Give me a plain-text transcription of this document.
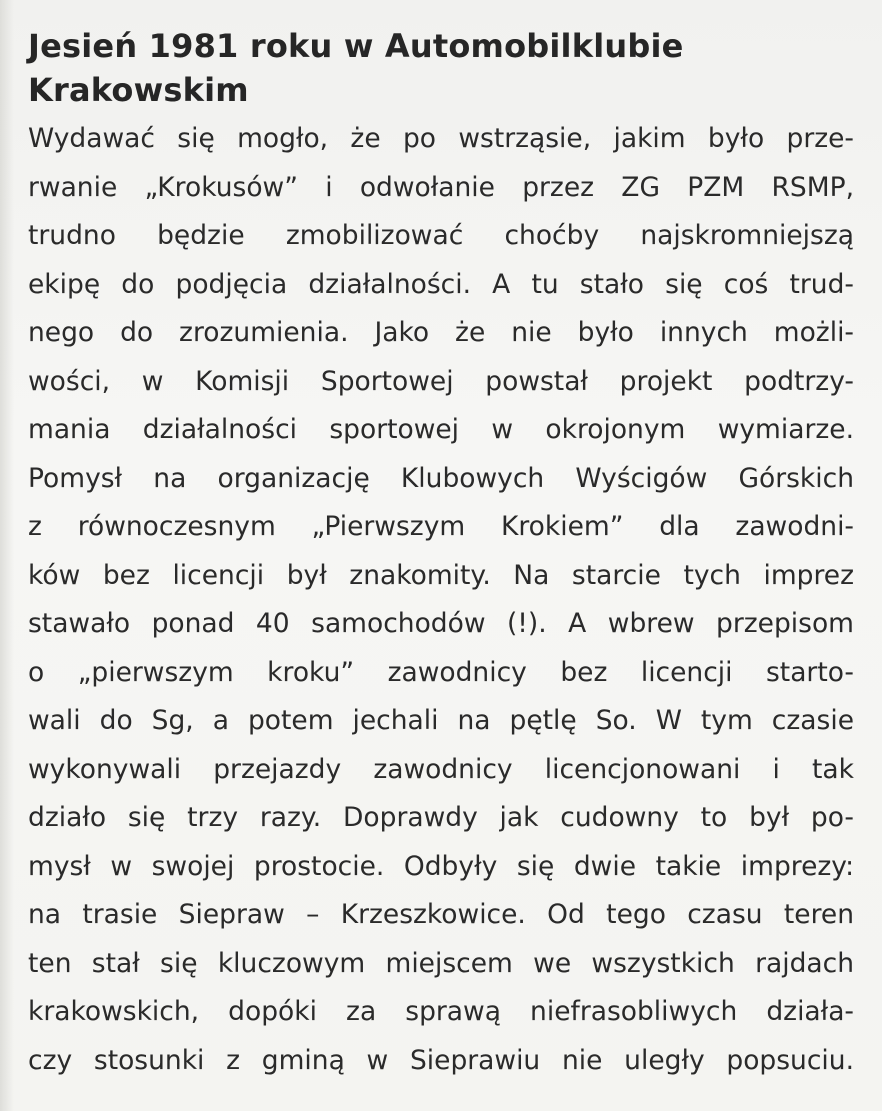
Jesień 1981 roku w Automobilklubie
Krakowskim
Wydawać się mogło, że po wstrząsie, jakim było prze-
rwanie „Krokusów” i odwołanie przez ZG PZM RSMP,
trudno będzie zmobilizować choćby najskromniejszą
ekipę do podjęcia działalności. A tu stało się coś trud-
nego do zrozumienia. Jako że nie było innych możli-
wości, w Komisji Sportowej powstał projekt podtrzy-
mania działalności sportowej w okrojonym wymiarze.
Pomysł na organizację Klubowych Wyścigów Górskich
z równoczesnym „Pierwszym Krokiem” dla zawodni-
ków bez licencji był znakomity. Na starcie tych imprez
stawało ponad 40 samochodów (!). A wbrew przepisom
o „pierwszym kroku” zawodnicy bez licencji starto-
wali do Sg, a potem jechali na pętlę So. W tym czasie
wykonywali przejazdy zawodnicy licencjonowani i tak
działo się trzy razy. Doprawdy jak cudowny to był po-
mysł w swojej prostocie. Odbyły się dwie takie imprezy:
na trasie Siepraw – Krzeszkowice. Od tego czasu teren
ten stał się kluczowym miejscem we wszystkich rajdach
krakowskich, dopóki za sprawą niefrasobliwych działa-
czy stosunki z gminą w Sieprawiu nie uległy popsuciu.
